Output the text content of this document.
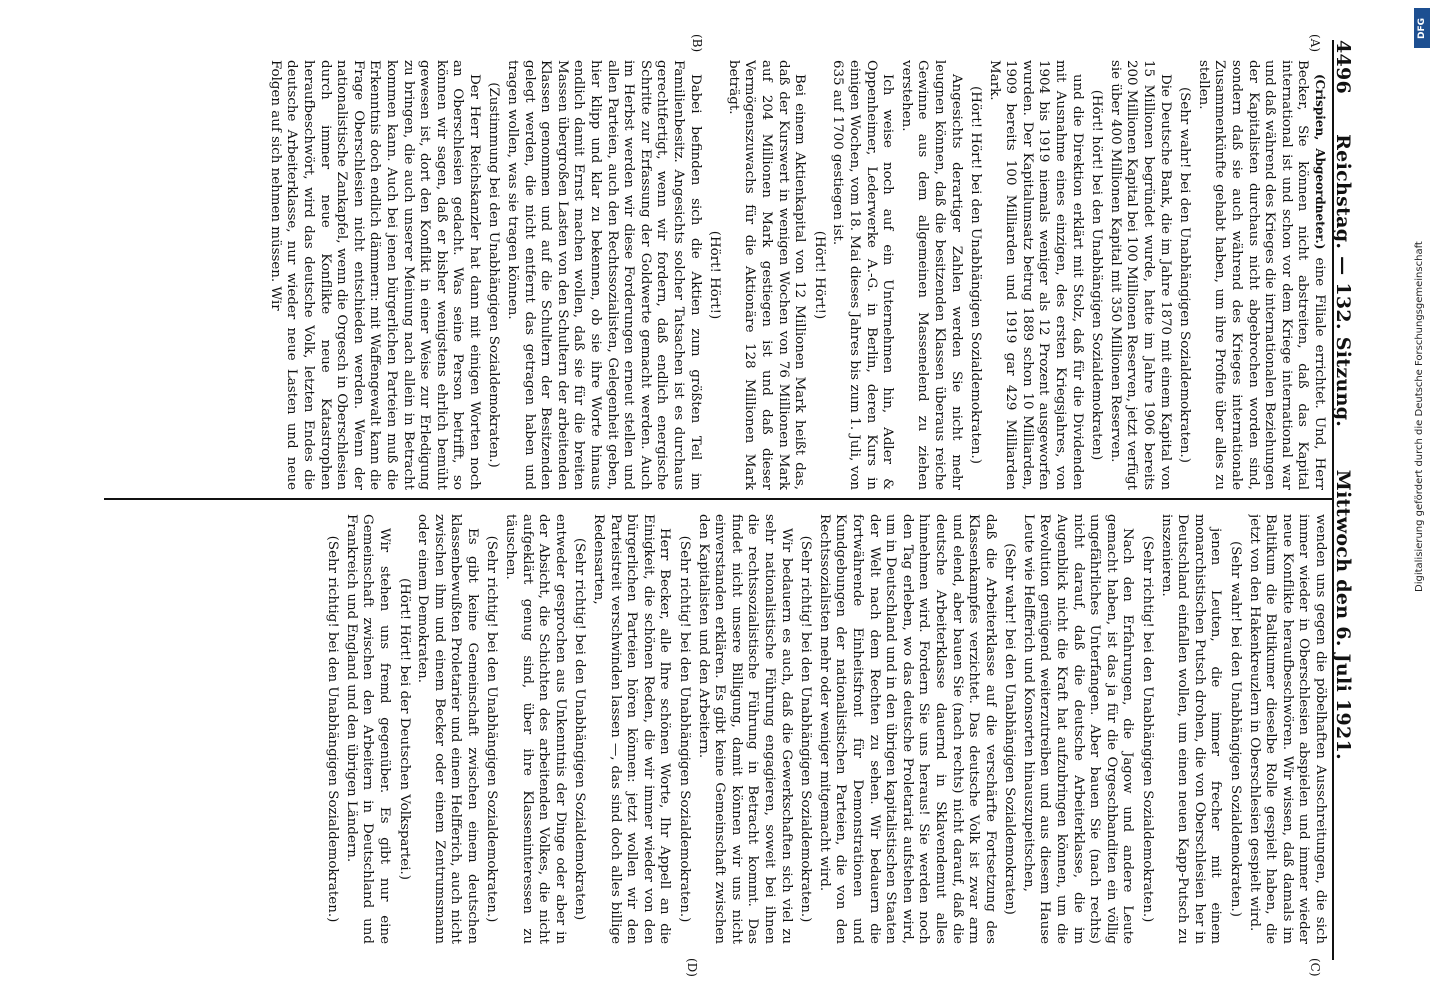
4496
Reichstag. — 132. Sitzung.
Mittwoch den 6. Juli 1921.
(A)
(B)
(C)
(D)

(Crispien, Abgeordneter.) eine Filiale errichtet. Und, Herr Becker, Sie können nicht abstreiten, daß das Kapital international ist und schon vor dem Kriege international war und daß während des Krieges die internationalen Beziehungen der Kapitalisten durchaus nicht abgebrochen worden sind, sondern daß sie auch während des Krieges internationale Zusammenkünfte gehabt haben, um ihre Profite über alles zu stellen.

(Sehr wahr! bei den Unabhängigen Sozialdemokraten.)

Die Deutsche Bank, die im Jahre 1870 mit einem Kapital von 15 Millionen begründet wurde, hatte im Jahre 1906 bereits 200 Millionen Kapital bei 100 Millionen Reserven, jetzt verfügt sie über 400 Millionen Kapital mit 350 Millionen Reserven.

(Hört! hört! bei den Unabhängigen Sozialdemokraten)

und die Direktion erklärt mit Stolz, daß für die Dividenden mit Ausnahme eines einzigen, des ersten Kriegsjahres, von 1904 bis 1919 niemals weniger als 12 Prozent ausgeworfen wurden. Der Kapitalumsatz betrug 1889 schon 10 Milliarden, 1909 bereits 100 Milliarden und 1919 gar 429 Milliarden Mark.

(Hört! Hört! bei den Unabhängigen Sozialdemokraten.)

Angesichts derartiger Zahlen werden Sie nicht mehr leugnen können, daß die besitzenden Klassen überaus reiche Gewinne aus dem allgemeinen Massenelend zu ziehen verstehen.

Ich weise noch auf ein Unternehmen hin, Adler & Oppenheimer, Lederwerke A.-G. in Berlin, deren Kurs in einigen Wochen, vom 18. Mai dieses Jahres bis zum 1. Juli, von 635 auf 1700 gestiegen ist.

(Hört! Hört!)

Bei einem Aktienkapital von 12 Millionen Mark heißt das, daß der Kurswert in wenigen Wochen von 76 Millionen Mark auf 204 Millionen Mark gestiegen ist und daß dieser Vermögenszuwachs für die Aktionäre 128 Millionen Mark beträgt.

(Hört! Hört!)

Dabei befinden sich die Aktien zum größten Teil im Familienbesitz. Angesichts solcher Tatsachen ist es durchaus gerechtfertigt, wenn wir fordern, daß endlich energische Schritte zur Erfassung der Goldwerte gemacht werden. Auch im Herbst werden wir diese Forderungen erneut stellen und allen Parteien, auch den Rechtssozialisten, Gelegenheit geben, hier klipp und klar zu bekennen, ob sie ihre Worte hinaus endlich damit Ernst machen wollen, daß sie für die breiten Massen übergroßen Lasten von den Schultern der arbeitenden Klassen genommen und auf die Schultern der Besitzenden gelegt werden, die nicht entfernt das getragen haben und tragen wollen, was sie tragen können.

(Zustimmung bei den Unabhängigen Sozialdemokraten.)

Der Herr Reichskanzler hat dann mit einigen Worten noch an Oberschlesien gedacht. Was seine Person betrifft, so können wir sagen, daß er bisher wenigstens ehrlich bemüht gewesen ist, dort den Konflikt in einer Weise zur Erledigung zu bringen, die auch unserer Meinung nach allein in Betracht kommen kann. Auch bei jenen bürgerlichen Parteien muß die Erkenntnis doch endlich dämmern: mit Waffengewalt kann die Frage Oberschlesien nicht entschieden werden. Wenn der nationalistische Zankapfel, wenn die Orgesch in Oberschlesien durch immer neue Konflikte neue Katastrophen heraufbeschwört, wird das deutsche Volk, letzten Endes die deutsche Arbeiterklasse, nur wieder neue Lasten und neue Folgen auf sich nehmen müssen. Wir

wenden uns gegen die pöbelhaften Ausschreitungen, die sich immer wieder in Oberschlesien abspielen und immer wieder neue Konflikte heraufbeschwören. Wir wissen, daß damals im Baltikum die Baltikumer dieselbe Rolle gespielt haben, die jetzt von den Hakenkreuzlern in Oberschlesien gespielt wird.

(Sehr wahr! bei den Unabhängigen Sozialdemokraten.)

jenen Leuten, die immer frecher mit einem monarchistischen Putsch drohen, die von Oberschlesien her in Deutschland einfallen wollen, um einen neuen Kapp-Putsch zu inszenieren.

(Sehr richtig! bei den Unabhängigen Sozialdemokraten.)

Nach den Erfahrungen, die Jagow und andere Leute gemacht haben, ist das ja für die Orgeschbanditen ein völlig ungefährliches Unterfangen. Aber bauen Sie (nach rechts) nicht darauf, daß die deutsche Arbeiterklasse, die im Augenblick nicht die Kraft hat aufzubringen können, um die Revolution genügend weiterzutreiben und aus diesem Hause Leute wie Helfferich und Konsorten hinauszupeitschen,

(Sehr wahr! bei den Unabhängigen Sozialdemokraten)

daß die Arbeiterklasse auf die verschärfte Fortsetzung des Klassenkampfes verzichtet. Das deutsche Volk ist zwar arm und elend, aber bauen Sie (nach rechts) nicht darauf, daß die deutsche Arbeiterklasse dauernd in Sklavendemut alles hinnehmen wird. Fordern Sie uns heraus! Sie werden noch den Tag erleben, wo das deutsche Proletariat aufstehen wird, um in Deutschland und in den übrigen kapitalistischen Staaten der Welt nach dem Rechten zu sehen. Wir bedauern die fortwährende Einheitsfront für Demonstrationen und Kundgebungen der nationalistischen Parteien, die von den Rechtssozialisten mehr oder weniger mitgemacht wird.

(Sehr richtig! bei den Unabhängigen Sozialdemokraten.)

Wir bedauern es auch, daß die Gewerkschaften sich viel zu sehr nationalistische Führung engagieren, soweit bei ihnen die rechtssozialistische Führung in Betracht kommt. Das findet nicht unsere Billigung, damit können wir uns nicht einverstanden erklären. Es gibt keine Gemeinschaft zwischen den Kapitalisten und den Arbeitern.

(Sehr richtig! bei den Unabhängigen Sozialdemokraten.)

Herr Becker, alle Ihre schönen Worte, Ihr Appell an die Einigkeit, die schönen Reden, die wir immer wieder von den bürgerlichen Parteien hören können: jetzt wollen wir den Parteistreit verschwinden lassen —, das sind doch alles billige Redensarten,

(Sehr richtig! bei den Unabhängigen Sozialdemokraten)

entweder gesprochen aus Unkenntnis der Dinge oder aber in der Absicht, die Schichten des arbeitenden Volkes, die nicht aufgeklärt genug sind, über ihre Klasseninteressen zu täuschen.

(Sehr richtig! bei den Unabhängigen Sozialdemokraten.)

Es gibt keine Gemeinschaft zwischen einem deutschen klassenbewußten Proletarier und einem Helfferich, auch nicht zwischen ihm und einem Becker oder einem Zentrumsmann oder einem Demokraten.

(Hört! Hört! bei der Deutschen Volkspartei.)

Wir stehen uns fremd gegenüber. Es gibt nur eine Gemeinschaft zwischen den Arbeitern in Deutschland und Frankreich und England und den übrigen Ländern.

(Sehr richtig! bei den Unabhängigen Sozialdemokraten.)

DFG
Digitalisierung gefördert durch die Deutsche Forschungsgemeinschaft
